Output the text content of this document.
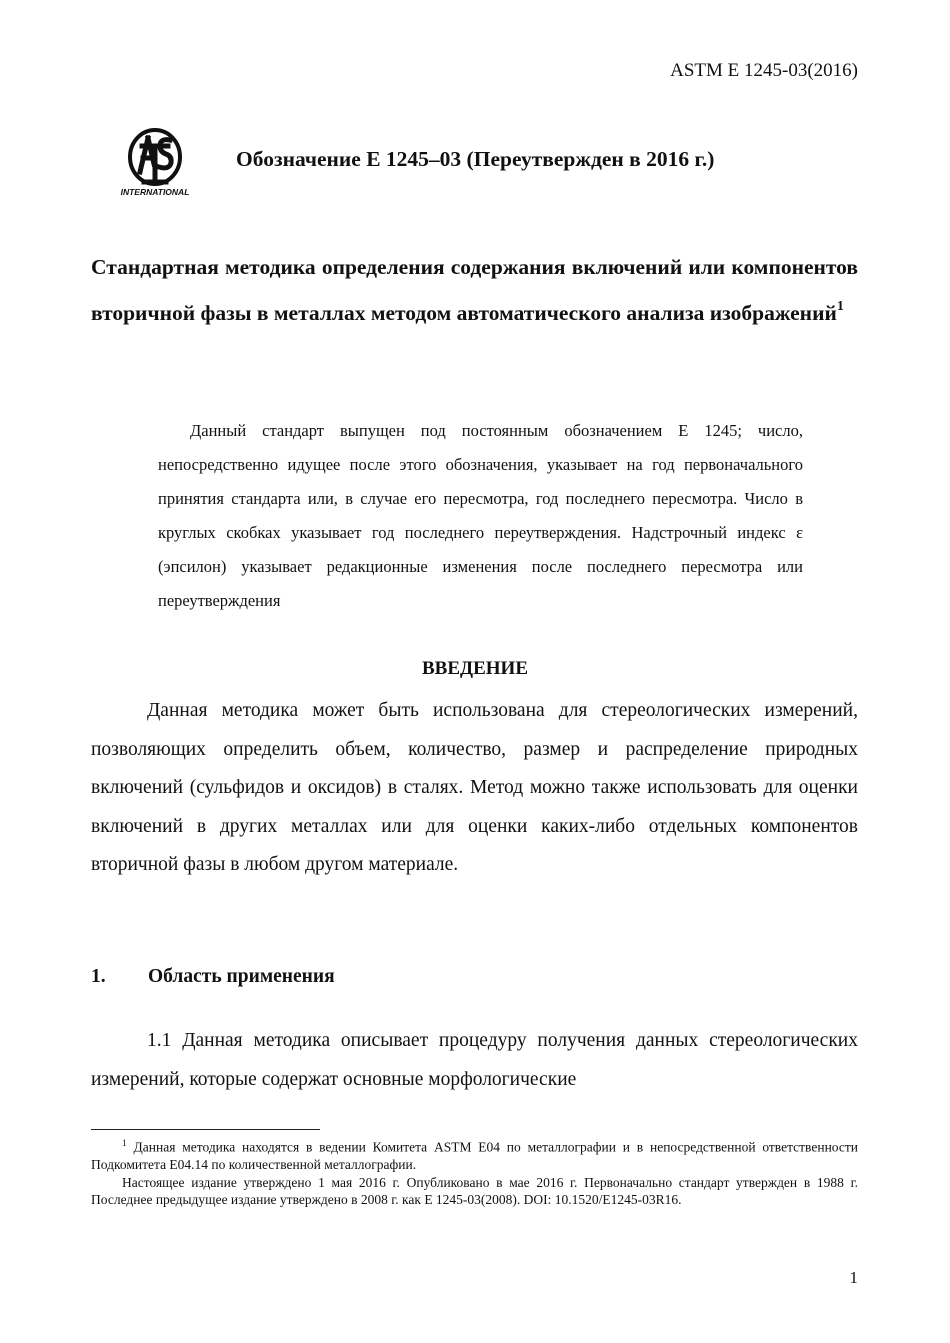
ASTM E 1245-03(2016)
INTERNATIONAL
Обозначение E 1245–03 (Переутвержден в 2016 г.)
Стандартная методика определения содержания включений или компонентов вторичной фазы в металлах методом автоматического анализа изображений$^1$
Данный стандарт выпущен под постоянным обозначением E 1245; число, непосредственно идущее после этого обозначения, указывает на год первоначального принятия стандарта или, в случае его пересмотра, год последнего пересмотра. Число в круглых скобках указывает год последнего переутверждения. Надстрочный индекс ε (эпсилон) указывает редакционные изменения после последнего пересмотра или переутверждения
ВВЕДЕНИЕ
Данная методика может быть использована для стереологических измерений, позволяющих определить объем, количество, размер и распределение природных включений (сульфидов и оксидов) в сталях. Метод можно также использовать для оценки включений в других металлах или для оценки каких-либо отдельных компонентов вторичной фазы в любом другом материале.
1. Область применения
1.1 Данная методика описывает процедуру получения данных стереологических измерений, которые содержат основные морфологические

$^1$ Данная методика находятся в ведении Комитета ASTM E04 по металлографии и в непосредственной ответственности Подкомитета E04.14 по количественной металлографии.

Настоящее издание утверждено 1 мая 2016 г. Опубликовано в мае 2016 г. Первоначально стандарт утвержден в 1988 г. Последнее предыдущее издание утверждено в 2008 г. как E 1245-03(2008). DOI: 10.1520/E1245-03R16.

1
